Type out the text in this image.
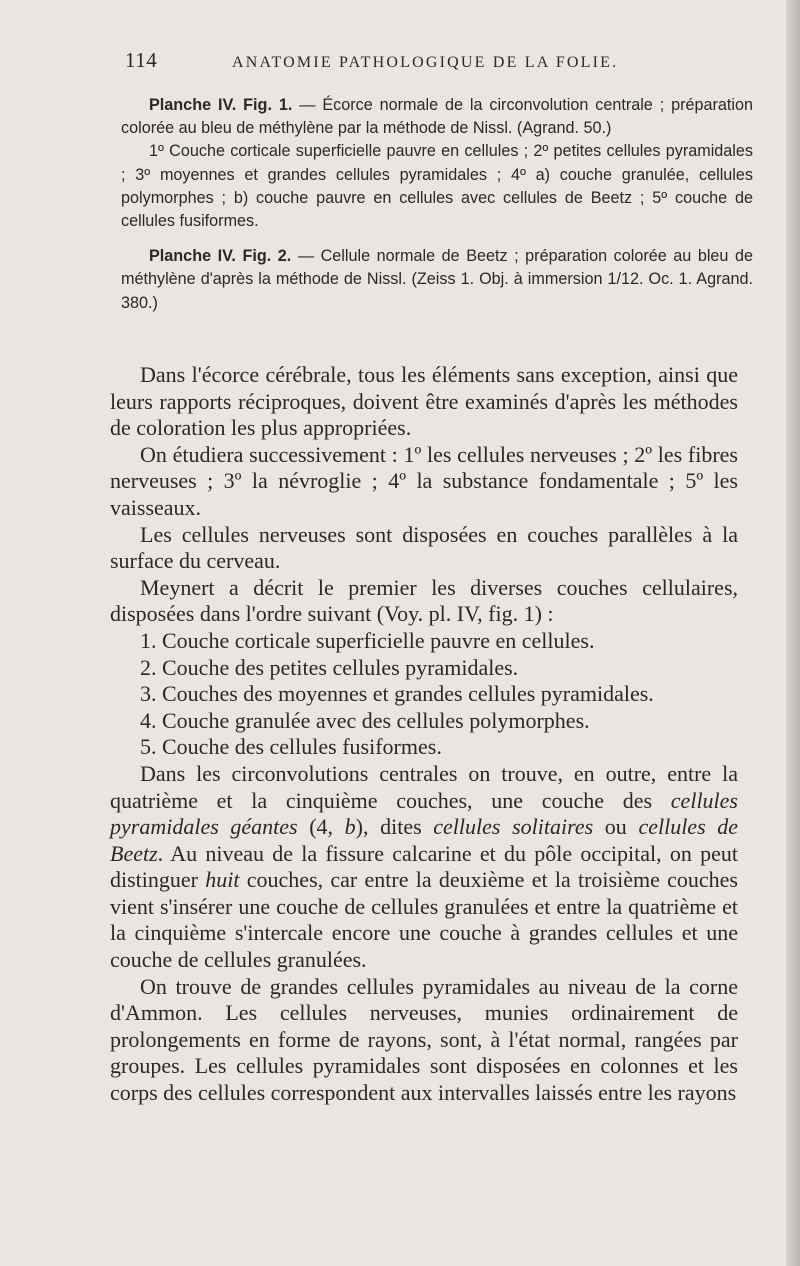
114	ANATOMIE PATHOLOGIQUE DE LA FOLIE.

Planche IV. Fig. 1. — Écorce normale de la circonvolution centrale ; préparation colorée au bleu de méthylène par la méthode de Nissl. (Agrand. 50.)

1º Couche corticale superficielle pauvre en cellules ; 2º petites cellules pyramidales ; 3º moyennes et grandes cellules pyramidales ; 4º a) couche granulée, cellules polymorphes ; b) couche pauvre en cellules avec cellules de Beetz ; 5º couche de cellules fusiformes.

Planche IV. Fig. 2. — Cellule normale de Beetz ; préparation colorée au bleu de méthylène d'après la méthode de Nissl. (Zeiss 1. Obj. à immersion 1/12. Oc. 1. Agrand. 380.)

Dans l'écorce cérébrale, tous les éléments sans exception, ainsi que leurs rapports réciproques, doivent être examinés d'après les méthodes de coloration les plus appropriées.

On étudiera successivement : 1º les cellules nerveuses ; 2º les fibres nerveuses ; 3º la névroglie ; 4º la substance fondamentale ; 5º les vaisseaux.

Les cellules nerveuses sont disposées en couches parallèles à la surface du cerveau.

Meynert a décrit le premier les diverses couches cellulaires, disposées dans l'ordre suivant (Voy. pl. IV, fig. 1) :

1. Couche corticale superficielle pauvre en cellules.

2. Couche des petites cellules pyramidales.

3. Couches des moyennes et grandes cellules pyramidales.

4. Couche granulée avec des cellules polymorphes.

5. Couche des cellules fusiformes.

Dans les circonvolutions centrales on trouve, en outre, entre la quatrième et la cinquième couches, une couche des cellules pyramidales géantes (4, b), dites cellules solitaires ou cellules de Beetz. Au niveau de la fissure calcarine et du pôle occipital, on peut distinguer huit couches, car entre la deuxième et la troisième couches vient s'insérer une couche de cellules granulées et entre la quatrième et la cinquième s'intercale encore une couche à grandes cellules et une couche de cellules granulées.

On trouve de grandes cellules pyramidales au niveau de la corne d'Ammon. Les cellules nerveuses, munies ordinairement de prolongements en forme de rayons, sont, à l'état normal, rangées par groupes. Les cellules pyramidales sont disposées en colonnes et les corps des cellules correspondent aux intervalles laissés entre les rayons
